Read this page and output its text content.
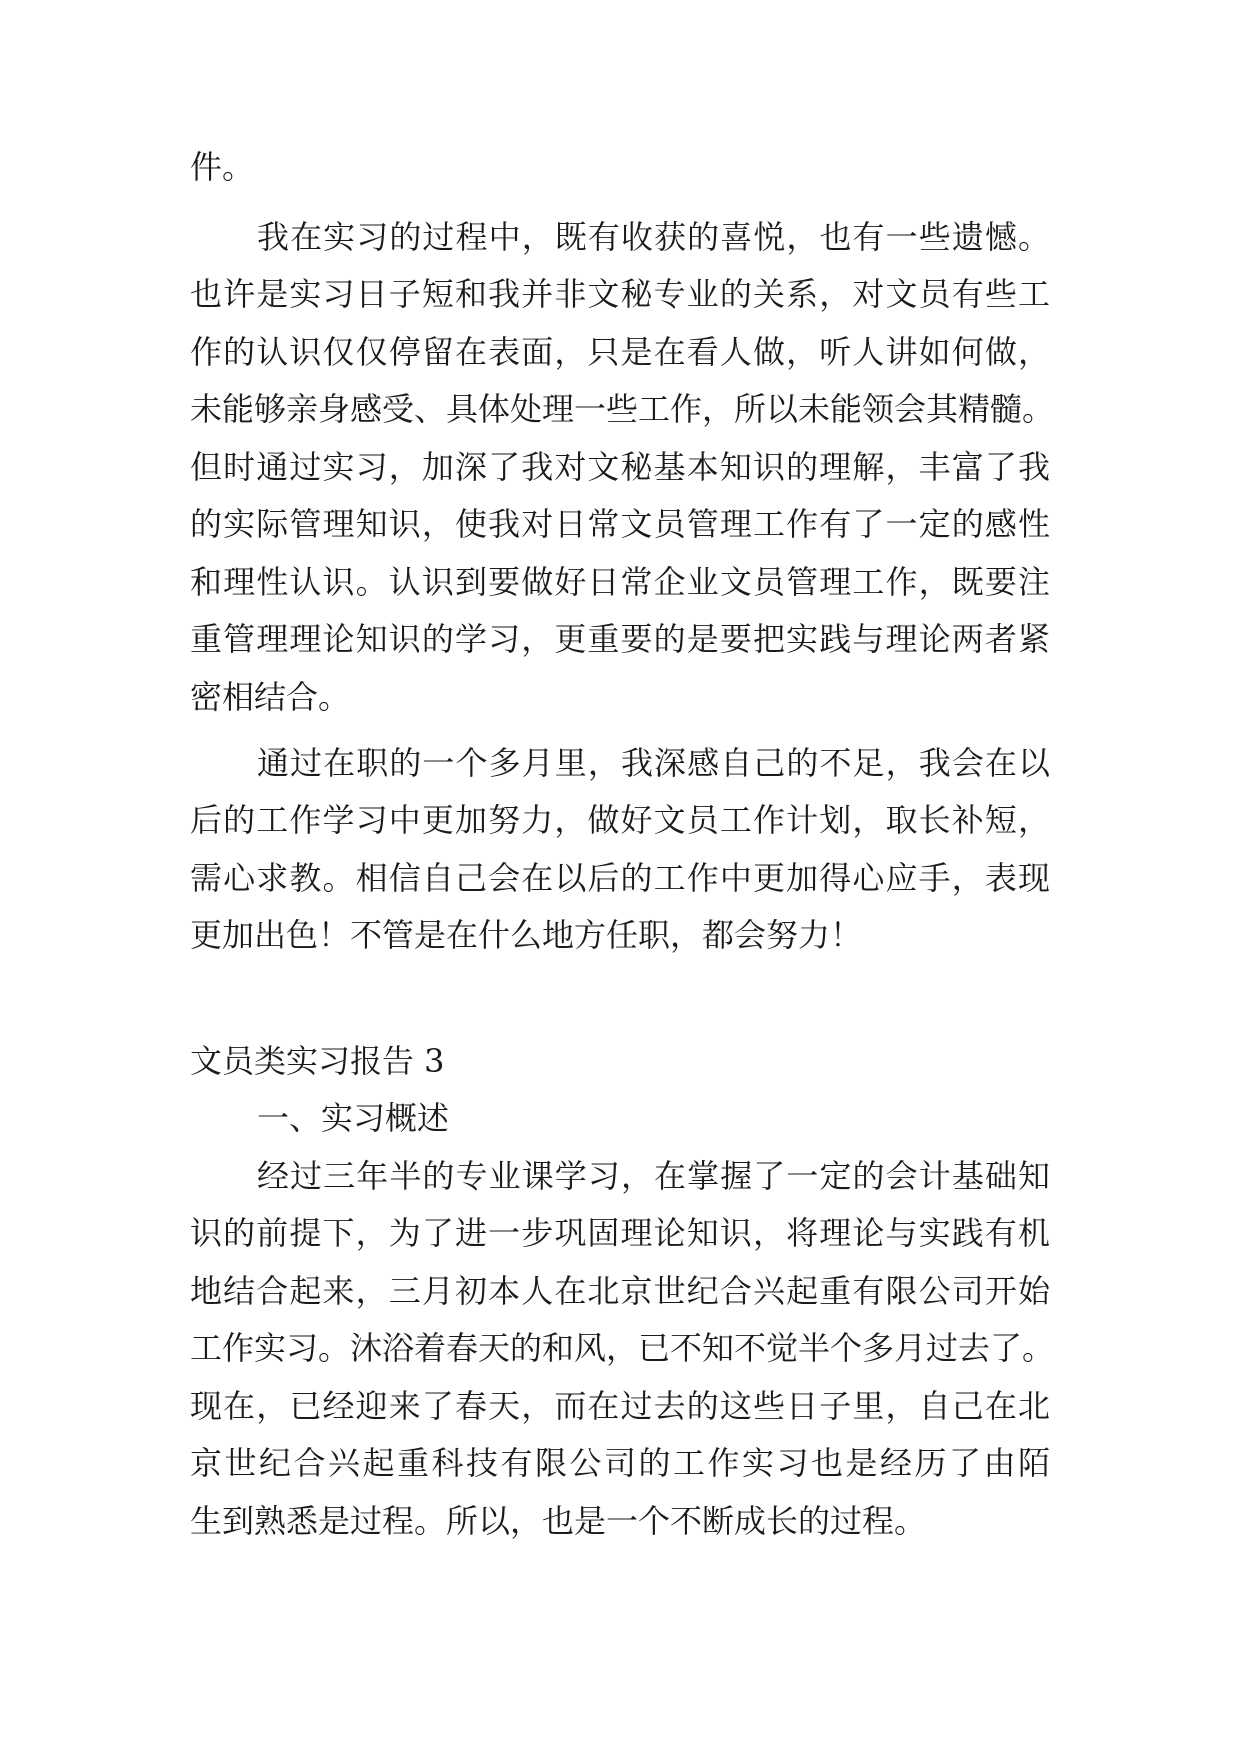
件。
我在实习的过程中，既有收获的喜悦，也有一些遗憾。
也许是实习日子短和我并非文秘专业的关系，对文员有些工
作的认识仅仅停留在表面，只是在看人做，听人讲如何做，
未能够亲身感受、具体处理一些工作，所以未能领会其精髓。
但时通过实习，加深了我对文秘基本知识的理解，丰富了我
的实际管理知识，使我对日常文员管理工作有了一定的感性
和理性认识。认识到要做好日常企业文员管理工作，既要注
重管理理论知识的学习，更重要的是要把实践与理论两者紧
密相结合。
通过在职的一个多月里，我深感自己的不足，我会在以
后的工作学习中更加努力，做好文员工作计划，取长补短，
需心求教。相信自己会在以后的工作中更加得心应手，表现
更加出色！不管是在什么地方任职，都会努力！
文员类实习报告 3
一、实习概述
经过三年半的专业课学习，在掌握了一定的会计基础知
识的前提下，为了进一步巩固理论知识，将理论与实践有机
地结合起来，三月初本人在北京世纪合兴起重有限公司开始
工作实习。沐浴着春天的和风，已不知不觉半个多月过去了。
现在，已经迎来了春天，而在过去的这些日子里，自己在北
京世纪合兴起重科技有限公司的工作实习也是经历了由陌
生到熟悉是过程。所以，也是一个不断成长的过程。
